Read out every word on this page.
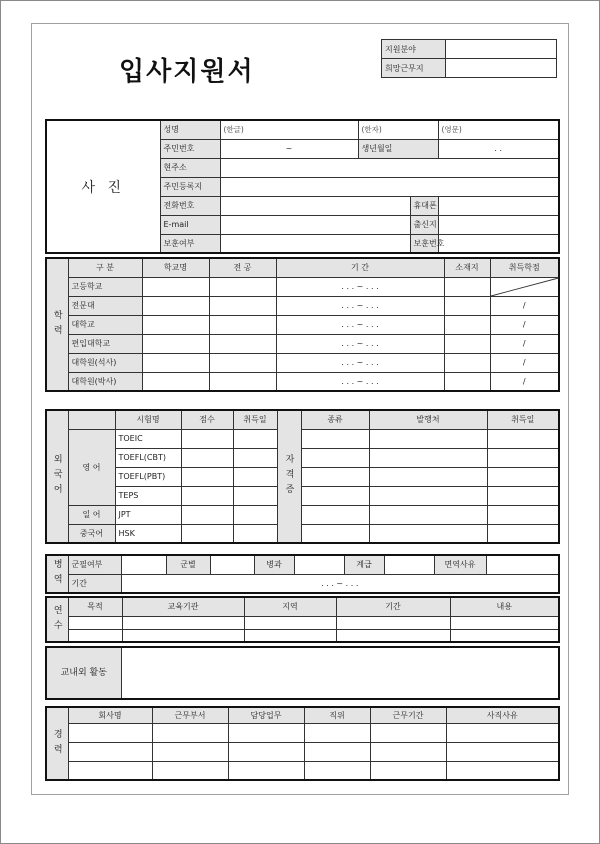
입사지원서
지원분야	
희망근무지	
사 진	성명	(한글)	(한자)		(영문)
	주민번호	~	생년월일		. .
	현주소				
	주민등록지				
	전화번호			휴대폰	
	E-mail			출신지	
	보훈여부			보훈번호	
학력	구 분	학교명	전 공	기 간	소재지	취득학점
	고등학교			. . . ~ . . .		

	전문대			. . . ~ . . .		/
	대학교			. . . ~ . . .		/
	편입대학교			. . . ~ . . .		/
	대학원(석사)			. . . ~ . . .		/
	대학원(박사)			. . . ~ . . .		/
외국어		시험명	점수	취득일	자격증	종류	발행처	취득일
	영 어	TOEIC						
		TOEFL(CBT)						
		TOEFL(PBT)						
		TEPS						
	일 어	JPT						
	중국어	HSK						
병역	군필여부		군별		병과		계급		면역사유	
	기간	. . . ~ . . .								
연수	목적	교육기관	지역	기간	내용

교내외 활동	
경력	회사명	근무부서	담당업무	직위	근무기간	사직사유
